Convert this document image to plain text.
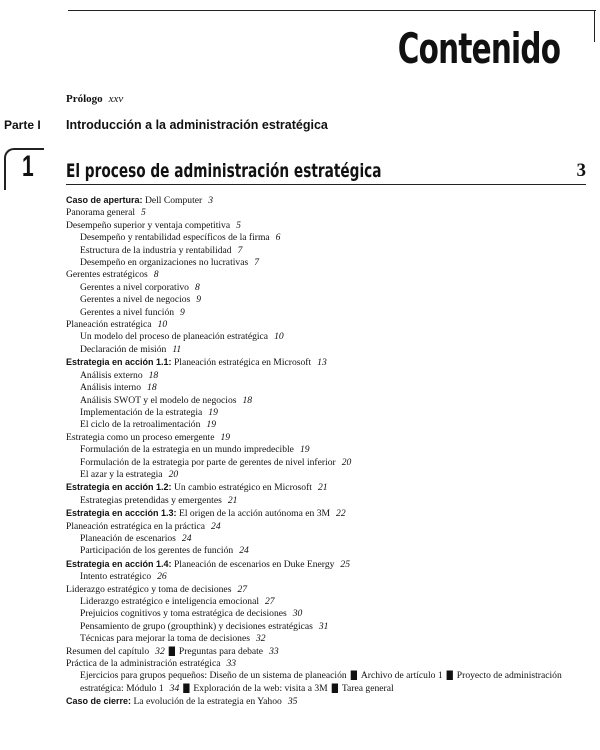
Contenido
Prólogo xxv
Parte I Introducción a la administración estratégica
1 El proceso de administración estratégica	3
Caso de apertura: Dell Computer 3
Panorama general 5
Desempeño superior y ventaja competitiva 5
Desempeño y rentabilidad específicos de la firma 6
Estructura de la industria y rentabilidad 7
Desempeño en organizaciones no lucrativas 7
Gerentes estratégicos 8
Gerentes a nivel corporativo 8
Gerentes a nivel de negocios 9
Gerentes a nivel función 9
Planeación estratégica 10
Un modelo del proceso de planeación estratégica 10
Declaración de misión 11
Estrategia en acción 1.1: Planeación estratégica en Microsoft 13
Análisis externo 18
Análisis interno 18
Análisis SWOT y el modelo de negocios 18
Implementación de la estrategia 19
El ciclo de la retroalimentación 19
Estrategia como un proceso emergente 19
Formulación de la estrategia en un mundo impredecible 19
Formulación de la estrategia por parte de gerentes de nivel inferior 20
El azar y la estrategia 20
Estrategia en acción 1.2: Un cambio estratégico en Microsoft 21
Estrategias pretendidas y emergentes 21
Estrategia en accción 1.3: El origen de la acción autónoma en 3M 22
Planeación estratégica en la práctica 24
Planeación de escenarios 24
Participación de los gerentes de función 24
Estrategia en acción 1.4: Planeación de escenarios en Duke Energy 25
Intento estratégico 26
Liderazgo estratégico y toma de decisiones 27
Liderazgo estratégico e inteligencia emocional 27
Prejuicios cognitivos y toma estratégica de decisiones 30
Pensamiento de grupo (groupthink) y decisiones estratégicas 31
Técnicas para mejorar la toma de decisiones 32
Resumen del capítulo 32 █ Preguntas para debate 33
Práctica de la administración estratégica 33
Ejercicios para grupos pequeños: Diseño de un sistema de planeación █ Archivo de artículo 1 █ Proyecto de administración estratégica: Módulo 1 34 █ Exploración de la web: visita a 3M █ Tarea general
Caso de cierre: La evolución de la estrategia en Yahoo 35
